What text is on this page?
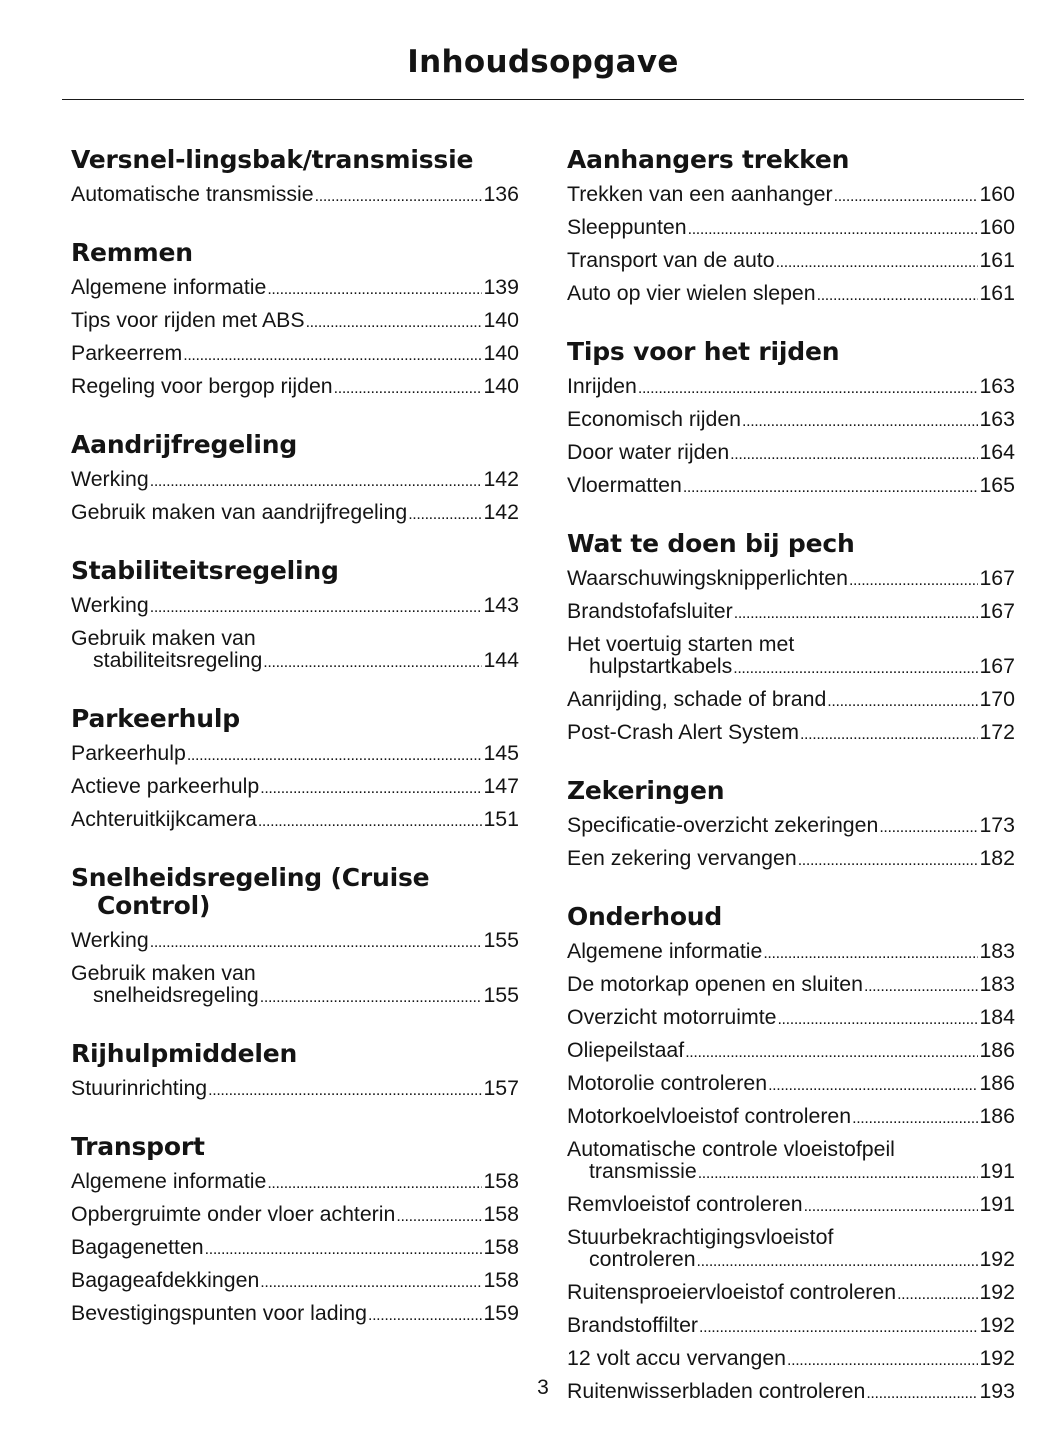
Inhoudsopgave
Versnel-lingsbak/transmissie
Automatische transmissie . . .	136
Remmen
Algemene informatie . . .	139
Tips voor rijden met ABS . . .	140
Parkeerrem . . .	140
Regeling voor bergop rijden . . .	140
Aandrijfregeling
Werking . . .	142
Gebruik maken van aandrijfregeling . . .	142
Stabiliteitsregeling
Werking . . .	143
Gebruik maken van
stabiliteitsregeling . . .	144
Parkeerhulp
Parkeerhulp . . .	145
Actieve parkeerhulp . . .	147
Achteruitkijkcamera . . .	151
Snelheidsregeling (Cruise Control)
Werking . . .	155
Gebruik maken van
snelheidsregeling . . .	155
Rijhulpmiddelen
Stuurinrichting . . .	157
Transport
Algemene informatie . . .	158
Opbergruimte onder vloer achterin . . .	158
Bagagenetten . . .	158
Bagageafdekkingen . . .	158
Bevestigingspunten voor lading . . .	159
Aanhangers trekken
Trekken van een aanhanger . . .	160
Sleeppunten . . .	160
Transport van de auto . . .	161
Auto op vier wielen slepen . . .	161
Tips voor het rijden
Inrijden . . .	163
Economisch rijden . . .	163
Door water rijden . . .	164
Vloermatten . . .	165
Wat te doen bij pech
Waarschuwingsknipperlichten . . .	167
Brandstofafsluiter . . .	167
Het voertuig starten met
hulpstartkabels . . .	167
Aanrijding, schade of brand . . .	170
Post-Crash Alert System . . .	172
Zekeringen
Specificatie-overzicht zekeringen . . .	173
Een zekering vervangen . . .	182
Onderhoud
Algemene informatie . . .	183
De motorkap openen en sluiten . . .	183
Overzicht motorruimte . . .	184
Oliepeilstaaf . . .	186
Motorolie controleren . . .	186
Motorkoelvloeistof controleren . . .	186
Automatische controle vloeistofpeil
transmissie . . .	191
Remvloeistof controleren . . .	191
Stuurbekrachtigingsvloeistof
controleren . . .	192
Ruitensproeiervloeistof controleren . . .	192
Brandstoffilter . . .	192
12 volt accu vervangen . . .	192
Ruitenwisserbladen controleren . . .	193

3
